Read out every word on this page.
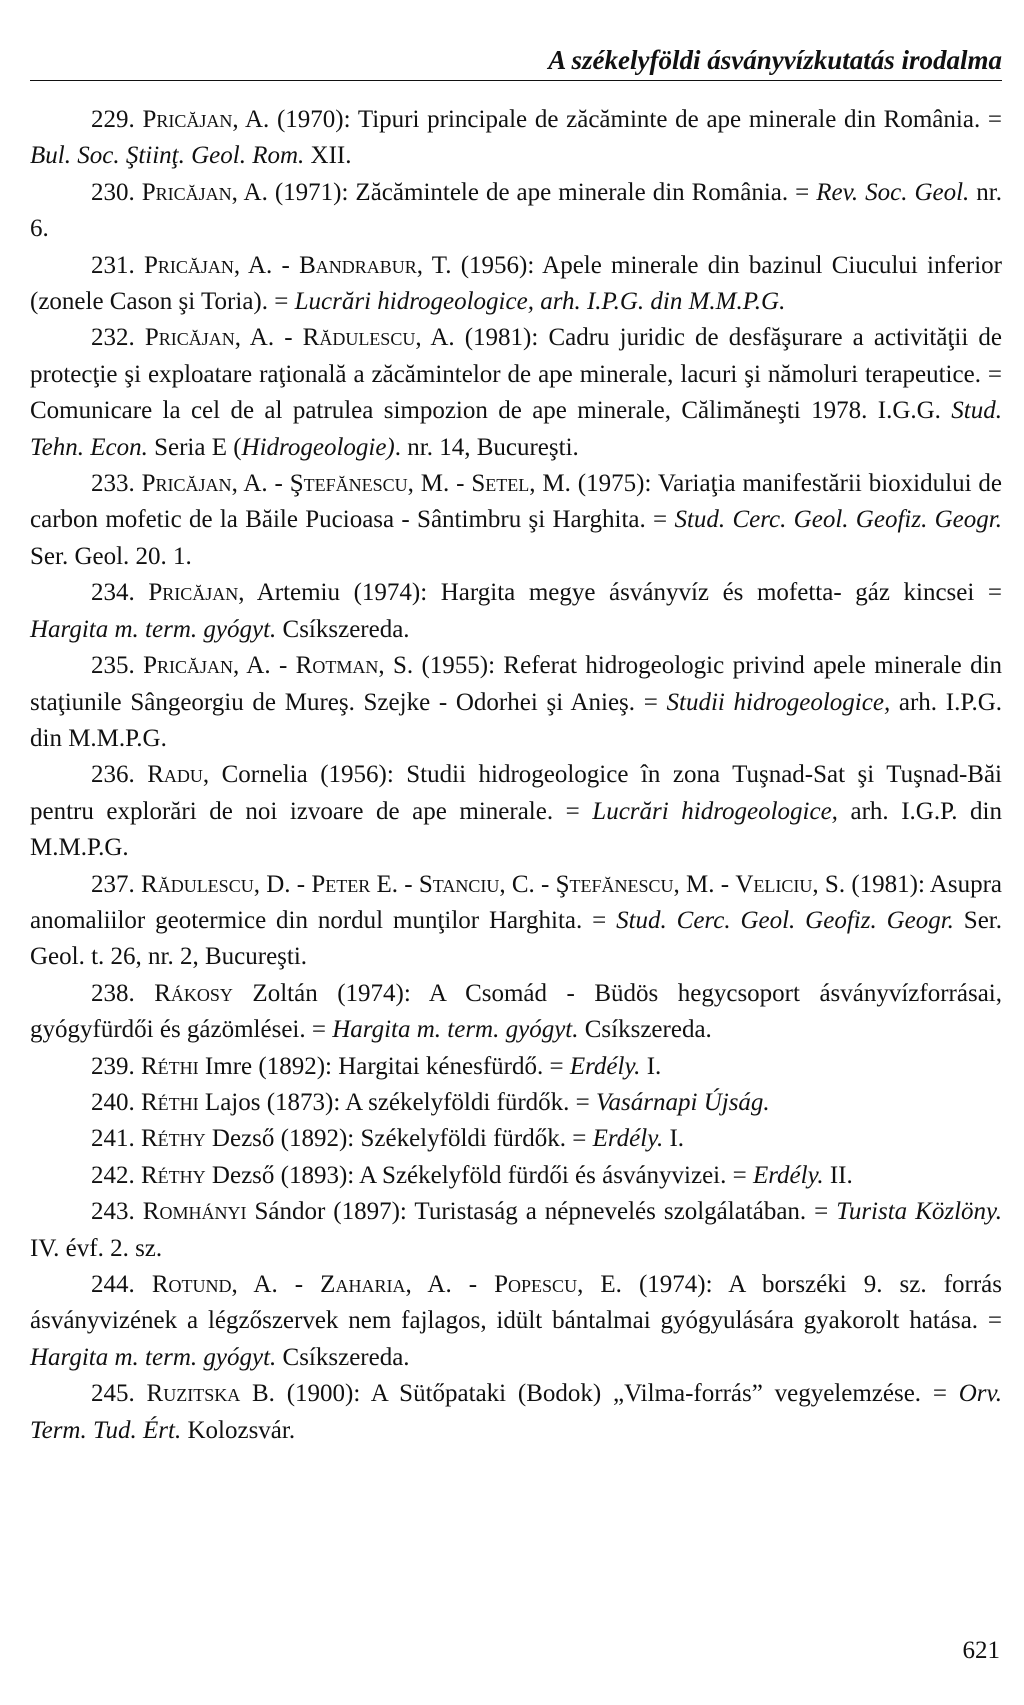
A székelyföldi ásványvízkutatás irodalma

229. Pricăjan, A. (1970): Tipuri principale de zăcăminte de ape minerale din România. = Bul. Soc. Ştiinţ. Geol. Rom. XII.

230. Pricăjan, A. (1971): Zăcămintele de ape minerale din România. = Rev. Soc. Geol. nr. 6.

231. Pricăjan, A. - Bandrabur, T. (1956): Apele minerale din bazinul Ciucului inferior (zonele Cason şi Toria). = Lucrări hidrogeologice, arh. I.P.G. din M.M.P.G.

232. Pricăjan, A. - Rădulescu, A. (1981): Cadru juridic de desfăşurare a activităţii de protecţie şi exploatare raţională a zăcămintelor de ape minerale, lacuri şi nămoluri terapeutice. = Comunicare la cel de al patrulea simpozion de ape minerale, Călimăneşti 1978. I.G.G. Stud. Tehn. Econ. Seria E (Hidrogeologie). nr. 14, Bucureşti.

233. Pricăjan, A. - Ştefănescu, M. - Setel, M. (1975): Variaţia manifestării bioxidului de carbon mofetic de la Băile Pucioasa - Sântimbru şi Harghita. = Stud. Cerc. Geol. Geofiz. Geogr. Ser. Geol. 20. 1.

234. Pricăjan, Artemiu (1974): Hargita megye ásványvíz és mofetta- gáz kincsei = Hargita m. term. gyógyt. Csíkszereda.

235. Pricăjan, A. - Rotman, S. (1955): Referat hidrogeologic privind apele minerale din staţiunile Sângeorgiu de Mureş. Szejke - Odorhei şi Anieş. = Studii hidrogeologice, arh. I.P.G. din M.M.P.G.

236. Radu, Cornelia (1956): Studii hidrogeologice în zona Tuşnad-Sat şi Tuşnad-Băi pentru explorări de noi izvoare de ape minerale. = Lucrări hidrogeologice, arh. I.G.P. din M.M.P.G.

237. Rădulescu, D. - Peter E. - Stanciu, C. - Ştefănescu, M. - Veliciu, S. (1981): Asupra anomaliilor geotermice din nordul munţilor Harghita. = Stud. Cerc. Geol. Geofiz. Geogr. Ser. Geol. t. 26, nr. 2, Bucureşti.

238. Rákosy Zoltán (1974): A Csomád - Büdös hegycsoport ásványvízforrásai, gyógyfürdői és gázömlései. = Hargita m. term. gyógyt. Csíkszereda.

239. Réthi Imre (1892): Hargitai kénesfürdő. = Erdély. I.

240. Réthi Lajos (1873): A székelyföldi fürdők. = Vasárnapi Újság.

241. Réthy Dezső (1892): Székelyföldi fürdők. = Erdély. I.

242. Réthy Dezső (1893): A Székelyföld fürdői és ásványvizei. = Erdély. II.

243. Romhányi Sándor (1897): Turistaság a népnevelés szolgálatában. = Turista Közlöny. IV. évf. 2. sz.

244. Rotund, A. - Zaharia, A. - Popescu, E. (1974): A borszéki 9. sz. forrás ásványvizének a légzőszervek nem fajlagos, idült bántalmai gyógyulására gyakorolt hatása. = Hargita m. term. gyógyt. Csíkszereda.

245. Ruzitska B. (1900): A Sütőpataki (Bodok) „Vilma-forrás” vegyelemzése. = Orv. Term. Tud. Ért. Kolozsvár.

621
